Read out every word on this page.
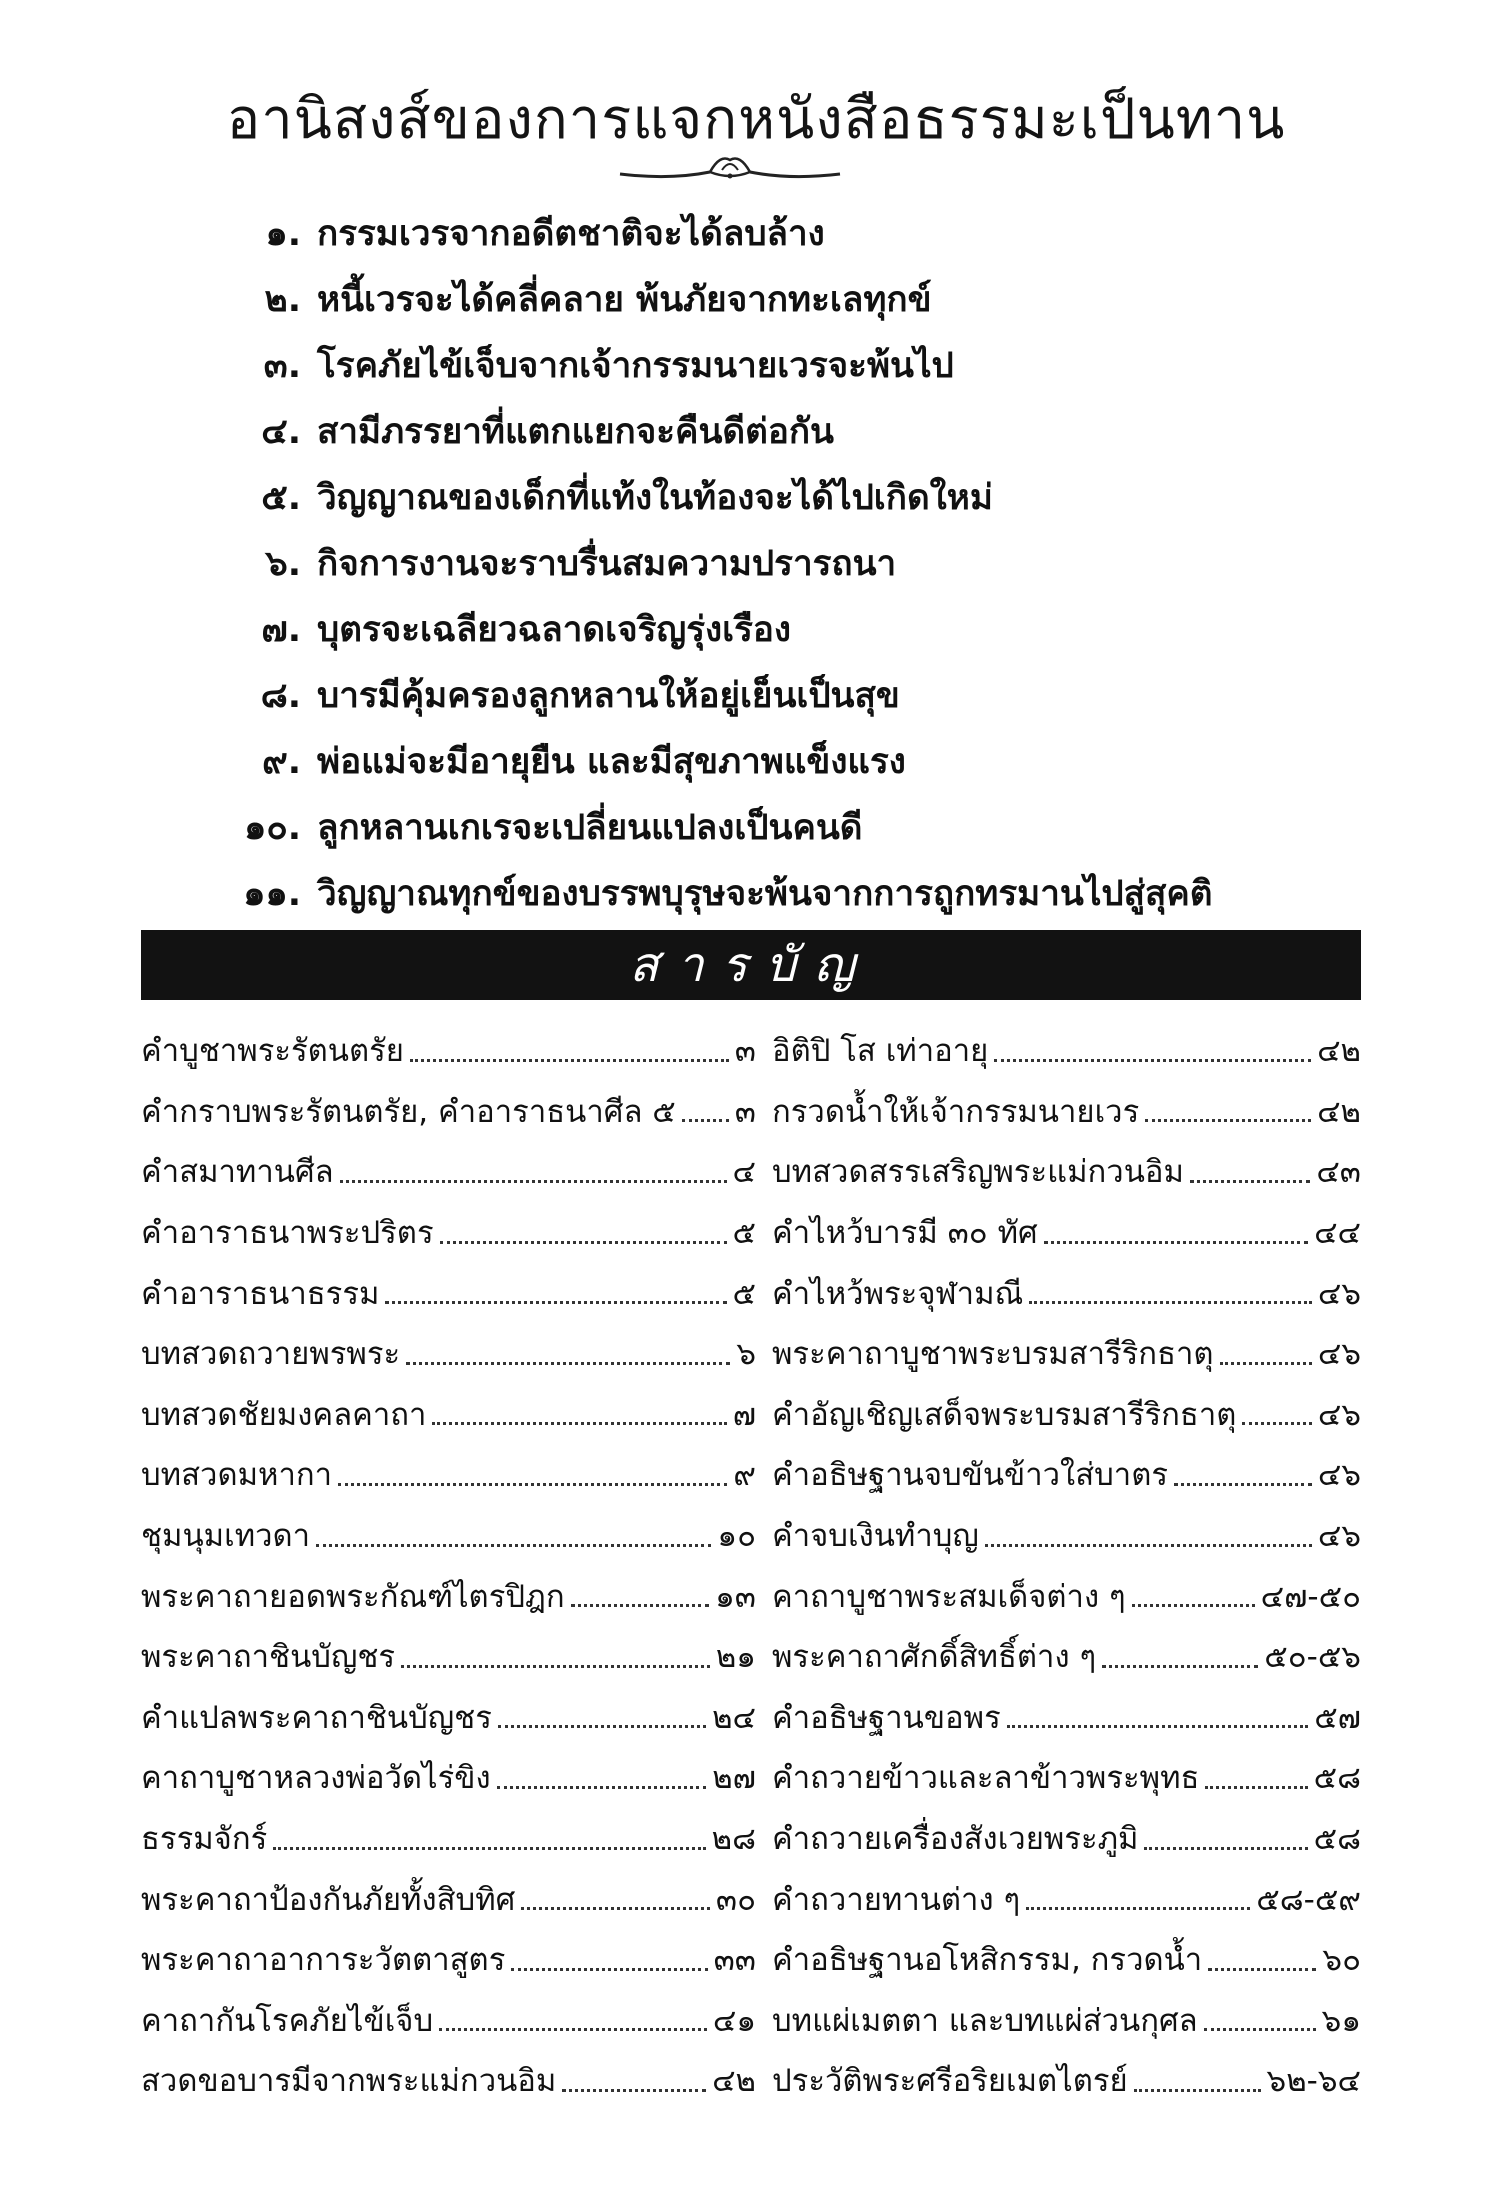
อานิสงส์ของการแจกหนังสือธรรมะเป็นทาน
๑. กรรมเวรจากอดีตชาติจะได้ลบล้าง
๒. หนี้เวรจะได้คลี่คลาย พ้นภัยจากทะเลทุกข์
๓. โรคภัยไข้เจ็บจากเจ้ากรรมนายเวรจะพ้นไป
๔. สามีภรรยาที่แตกแยกจะคืนดีต่อกัน
๕. วิญญาณของเด็กที่แท้งในท้องจะได้ไปเกิดใหม่
๖. กิจการงานจะราบรื่นสมความปรารถนา
๗. บุตรจะเฉลียวฉลาดเจริญรุ่งเรือง
๘. บารมีคุ้มครองลูกหลานให้อยู่เย็นเป็นสุข
๙. พ่อแม่จะมีอายุยืน และมีสุขภาพแข็งแรง
๑๐. ลูกหลานเกเรจะเปลี่ยนแปลงเป็นคนดี
๑๑. วิญญาณทุกข์ของบรรพบุรุษจะพ้นจากการถูกทรมานไปสู่สุคติ
สารบัญ
คำบูชาพระรัตนตรัย	๓
คำกราบพระรัตนตรัย, คำอาราธนาศีล ๕ ๓
คำสมาทานศีล	๔
คำอาราธนาพระปริตร	๕
คำอาราธนาธรรม	๕
บทสวดถวายพรพระ	๖
บทสวดชัยมงคลคาถา	๗
บทสวดมหากา	๙
ชุมนุมเทวดา	๑๐
พระคาถายอดพระกัณฑ์ไตรปิฎก	๑๓
พระคาถาชินบัญชร	๒๑
คำแปลพระคาถาชินบัญชร	๒๔
คาถาบูชาหลวงพ่อวัดไร่ขิง	๒๗
ธรรมจักร์	๒๘
พระคาถาป้องกันภัยทั้งสิบทิศ	๓๐
พระคาถาอาการะวัตตาสูตร	๓๓
คาถากันโรคภัยไข้เจ็บ	๔๑
สวดขอบารมีจากพระแม่กวนอิม	๔๒
อิติปิ โส เท่าอายุ	๔๒
กรวดน้ำให้เจ้ากรรมนายเวร	๔๒
บทสวดสรรเสริญพระแม่กวนอิม	๔๓
คำไหว้บารมี ๓๐ ทัศ	๔๔
คำไหว้พระจุฬามณี	๔๖
พระคาถาบูชาพระบรมสารีริกธาตุ	๔๖
คำอัญเชิญเสด็จพระบรมสารีริกธาตุ	๔๖
คำอธิษฐานจบขันข้าวใส่บาตร	๔๖
คำจบเงินทำบุญ	๔๖
คาถาบูชาพระสมเด็จต่าง ๆ	๔๗-๕๐
พระคาถาศักดิ์สิทธิ์ต่าง ๆ	๕๐-๕๖
คำอธิษฐานขอพร	๕๗
คำถวายข้าวและลาข้าวพระพุทธ	๕๘
คำถวายเครื่องสังเวยพระภูมิ	๕๘
คำถวายทานต่าง ๆ	๕๘-๕๙
คำอธิษฐานอโหสิกรรม, กรวดน้ำ	๖๐
บทแผ่เมตตา และบทแผ่ส่วนกุศล	๖๑
ประวัติพระศรีอริยเมตไตรย์	๖๒-๖๔
